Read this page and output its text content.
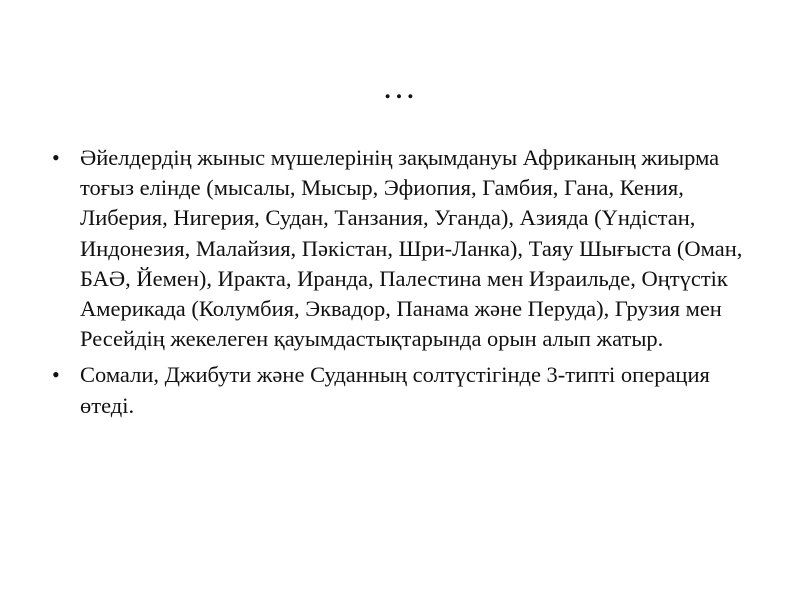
…
• Әйелдердің жыныс мүшелерінің зақымдануы Африканың жиырма тоғыз елінде (мысалы, Мысыр, Эфиопия, Гамбия, Гана, Кения, Либерия, Нигерия, Судан, Танзания, Уганда), Азияда (Үндістан, Индонезия, Малайзия, Пәкістан, Шри-Ланка), Таяу Шығыста (Оман, БАӘ, Йемен), Иракта, Иранда, Палестина мен Израильде, Оңтүстік Америкада (Колумбия, Эквадор, Панама және Перуда), Грузия мен Ресейдің жекелеген қауымдастықтарында орын алып жатыр.
• Сомали, Джибути және Суданның солтүстігінде 3-типті операция өтеді.
